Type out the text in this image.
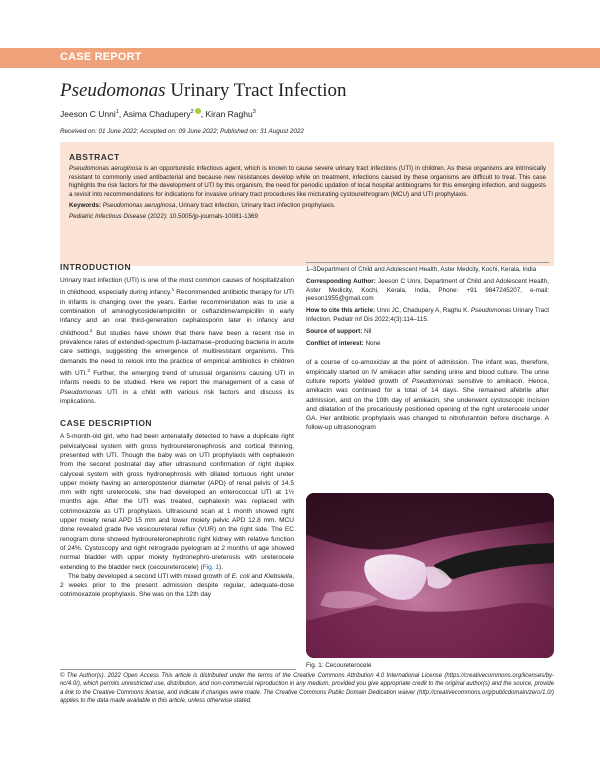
CASE REPORT
Pseudomonas Urinary Tract Infection
Jeeson C Unni$^1$, Asima Chadupery$^2$ , Kiran Raghu$^3$
Received on: 01 June 2022; Accepted on: 09 June 2022; Published on: 31 August 2022
ABSTRACT
Pseudomonas aeruginosa is an opportunistic infectious agent, which is known to cause severe urinary tract infections (UTI) in children. As these organisms are intrinsically resistant to commonly used antibacterial and because new resistances develop while on treatment, infections caused by these organisms are difficult to treat. This case highlights the risk factors for the development of UTI by this organism, the need for periodic updation of local hospital antibiograms for this emerging infection, and suggests a revisit into recommendations for indications for invasive urinary tract procedures like micturating cystourethrogram (MCU) and UTI prophylaxis.
Keywords: Pseudomonas aeruginosa, Urinary tract infection, Urinary tract infection prophylaxis.
Pediatric Infectious Disease (2022): 10.5005/jp-journals-10081-1369
INTRODUCTION
Urinary tract infection (UTI) is one of the most common causes of hospitalization in childhood, especially during infancy.$^1$ Recommended antibiotic therapy for UTI in infants is changing over the years. Earlier recommendation was to use a combination of aminoglycoside/ampicillin or ceftazidime/ampicillin in early infancy and an oral third-generation cephalosporin later in infancy and childhood.$^2$ But studies have shown that there have been a recent rise in prevalence rates of extended-spectrum β-lactamase–producing bacteria in acute care settings, suggesting the emergence of multiresistant organisms. This demands the need to relook into the practice of empirical antibiotics in children with UTI.$^3$ Further, the emerging trend of unusual organisms causing UTI in infants needs to be studied. Here we report the management of a case of Pseudomonas UTI in a child with various risk factors and discuss its implications.
CASE DESCRIPTION
A 5-month-old girl, who had been antenatally detected to have a duplicate right pelvicalyceal system with gross hydroureteronephrosis and cortical thinning, presented with UTI. Though the baby was on UTI prophylaxis with cephalexin from the second postnatal day after ultrasound confirmation of right duplex calyceal system with gross hydronephrosis with dilated tortuous right ureter upper moiety having an anteroposterior diameter (APD) of renal pelvis of 14.5 mm with right ureterocele, she had developed an enterococcal UTI at 1½ months age. After the UTI was treated, cephalexin was replaced with cotrimoxazole as UTI prophylaxis. Ultrasound scan at 1 month showed right upper moiety renal APD 15 mm and lower moiety pelvic APD 12.8 mm. MCU done revealed grade five vesicoureteral reflux (VUR) on the right side. The EC renogram done showed hydroureteronephrotic right kidney with relative function of 24%. Cystoscopy and right retrograde pyelogram at 2 months of age showed normal bladder with upper moiety hydronephro-ureterosis with ureterocele extending to the bladder neck (cecoureterocele) (Fig. 1).
The baby developed a second UTI with mixed growth of E. coli and Klebsiella, 2 weeks prior to the present admission despite regular, adequate-dose cotrimoxazole prophylaxis. She was on the 12th day
1–3Department of Child and Adolescent Health, Aster Medcity, Kochi, Kerala, India
Corresponding Author: Jeeson C Unni, Department of Child and Adolescent Health, Aster Medicity, Kochi, Kerala, India, Phone: +91 9847245207, e-mail: jeeson1955@gmail.com
How to cite this article: Unni JC, Chadupery A, Raghu K. Pseudomonas Urinary Tract Infection. Pediatr Inf Dis 2022;4(3):114–115.
Source of support: Nil
Conflict of interest: None
of a course of co-amoxiclav at the point of admission. The infant was, therefore, empirically started on IV amikacin after sending urine and blood culture. The urine culture reports yielded growth of Pseudomonas sensitive to amikacin. Hence, amikacin was continued for a total of 14 days. She remained afebrile after admission, and on the 10th day of amikacin, she underwent cystoscopic incision and dilatation of the precariously positioned opening of the right ureterocele under GA. Her antibiotic prophylaxis was changed to nitrofurantoin before discharge. A follow-up ultrasonogram
Fig. 1: Cecoureterocele
© The Author(s). 2022 Open Access This article is distributed under the terms of the Creative Commons Attribution 4.0 International License (https://creativecommons.org/licenses/by-nc/4.0/), which permits unrestricted use, distribution, and non-commercial reproduction in any medium, provided you give appropriate credit to the original author(s) and the source, provide a link to the Creative Commons license, and indicate if changes were made. The Creative Commons Public Domain Dedication waiver (http://creativecommons.org/publicdomain/zero/1.0/) applies to the data made available in this article, unless otherwise stated.
